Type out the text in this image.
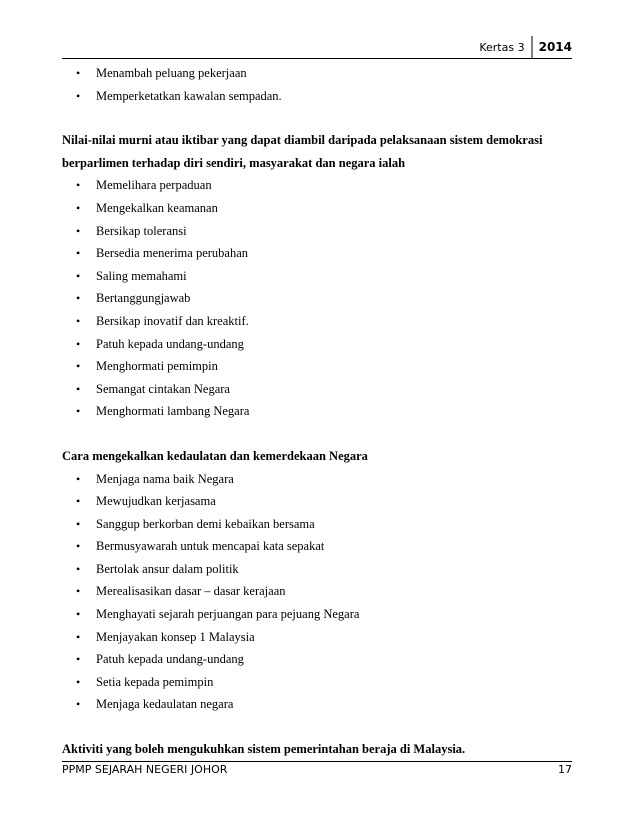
Kertas 3	2014
• Menambah peluang pekerjaan
• Memperketatkan kawalan sempadan.
Nilai-nilai murni atau iktibar yang dapat diambil daripada pelaksanaan sistem demokrasi berparlimen terhadap diri sendiri, masyarakat dan negara ialah
• Memelihara perpaduan
• Mengekalkan keamanan
• Bersikap toleransi
• Bersedia menerima perubahan
• Saling memahami
• Bertanggungjawab
• Bersikap inovatif dan kreaktif.
• Patuh kepada undang-undang
• Menghormati pemimpin
• Semangat cintakan Negara
• Menghormati lambang Negara
Cara mengekalkan kedaulatan dan kemerdekaan Negara
• Menjaga nama baik Negara
• Mewujudkan kerjasama
• Sanggup berkorban demi kebaikan bersama
• Bermusyawarah untuk mencapai kata sepakat
• Bertolak ansur dalam politik
• Merealisasikan dasar – dasar kerajaan
• Menghayati sejarah perjuangan para pejuang Negara
• Menjayakan konsep 1 Malaysia
• Patuh kepada undang-undang
• Setia kepada pemimpin
• Menjaga kedaulatan negara
Aktiviti yang boleh mengukuhkan sistem pemerintahan beraja di Malaysia.
PPMP SEJARAH NEGERI JOHOR	17
